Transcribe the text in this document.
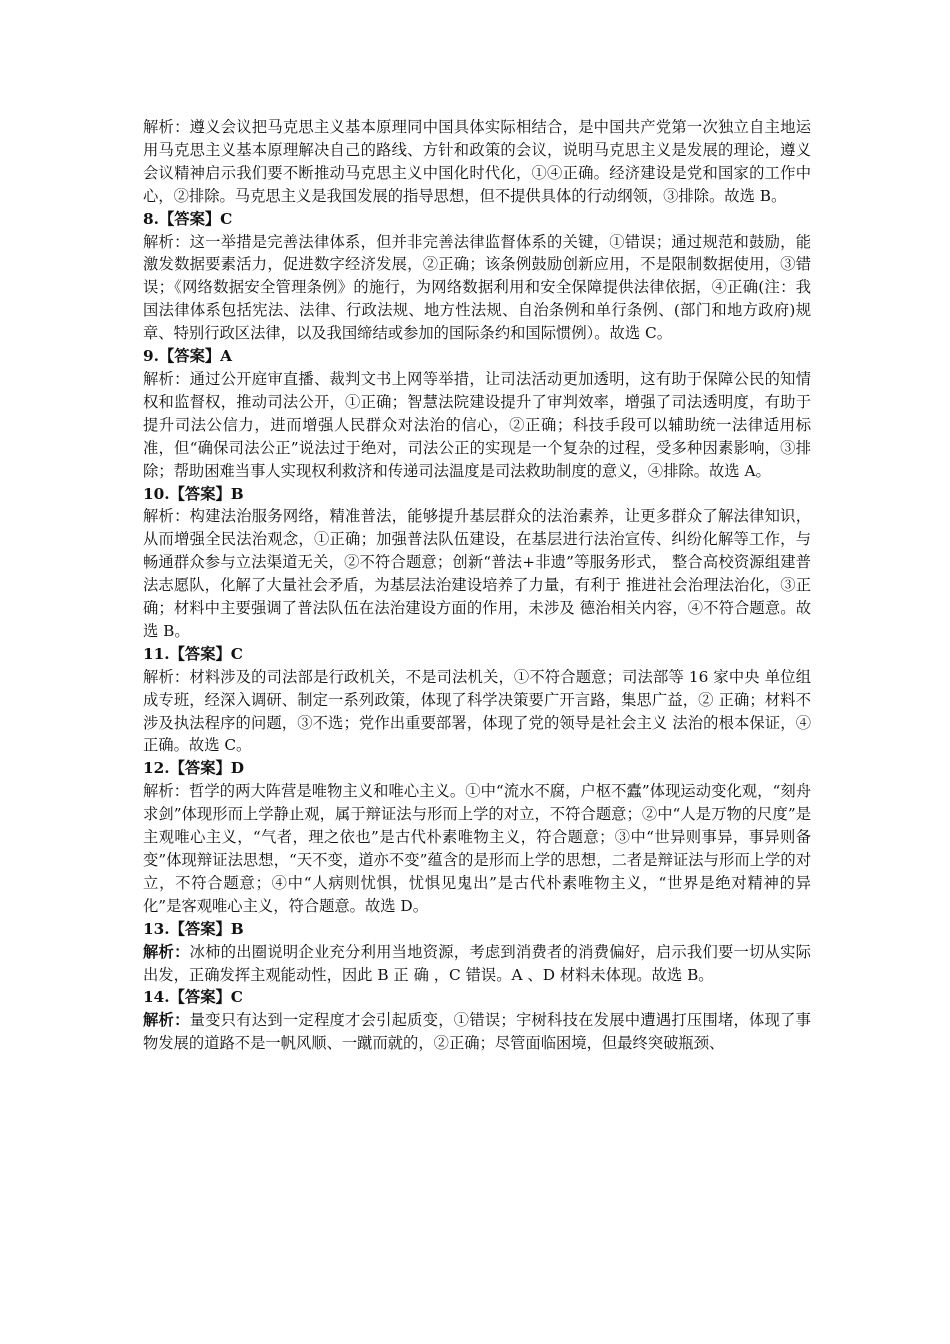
解析：遵义会议把马克思主义基本原理同中国具体实际相结合，是中国共产党第一次独立自主地运用马克思主义基本原理解决自己的路线、方针和政策的会议，说明马克思主义是发展的理论，遵义会议精神启示我们要不断推动马克思主义中国化时代化，①④正确。经济建设是党和国家的工作中心，②排除。马克思主义是我国发展的指导思想，但不提供具体的行动纲领，③排除。故选 B。

8.【答案】C

解析：这一举措是完善法律体系，但并非完善法律监督体系的关键，①错误；通过规范和鼓励，能激发数据要素活力，促进数字经济发展，②正确；该条例鼓励创新应用，不是限制数据使用，③错误；《网络数据安全管理条例》的施行，为网络数据利用和安全保障提供法律依据，④正确(注：我国法律体系包括宪法、法律、行政法规、地方性法规、自治条例和单行条例、(部门和地方政府)规章、特别行政区法律，以及我国缔结或参加的国际条约和国际惯例）。故选 C。

9.【答案】A

解析：通过公开庭审直播、裁判文书上网等举措，让司法活动更加透明，这有助于保障公民的知情权和监督权，推动司法公开，①正确；智慧法院建设提升了审判效率，增强了司法透明度，有助于提升司法公信力，进而增强人民群众对法治的信心，②正确；科技手段可以辅助统一法律适用标准，但“确保司法公正”说法过于绝对，司法公正的实现是一个复杂的过程，受多种因素影响，③排除；帮助困难当事人实现权利救济和传递司法温度是司法救助制度的意义，④排除。故选 A。

10.【答案】B

解析：构建法治服务网络，精准普法，能够提升基层群众的法治素养，让更多群众了解法律知识，从而增强全民法治观念，①正确；加强普法队伍建设，在基层进行法治宣传、纠纷化解等工作，与畅通群众参与立法渠道无关，②不符合题意；创新“普法+非遗”等服务形式， 整合高校资源组建普法志愿队，化解了大量社会矛盾，为基层法治建设培养了力量，有利于 推进社会治理法治化，③正确；材料中主要强调了普法队伍在法治建设方面的作用，未涉及 德治相关内容，④不符合题意。故选 B。

11.【答案】C

解析：材料涉及的司法部是行政机关，不是司法机关，①不符合题意；司法部等 16 家中央 单位组成专班，经深入调研、制定一系列政策，体现了科学决策要广开言路，集思广益，② 正确；材料不涉及执法程序的问题，③不选；党作出重要部署，体现了党的领导是社会主义 法治的根本保证，④正确。故选 C。

12.【答案】D

解析：哲学的两大阵营是唯物主义和唯心主义。①中“流水不腐，户枢不蠹”体现运动变化观，“刻舟求剑”体现形而上学静止观，属于辩证法与形而上学的对立，不符合题意；②中“人是万物的尺度”是主观唯心主义，“气者，理之依也”是古代朴素唯物主义，符合题意；③中“世异则事异，事异则备变”体现辩证法思想，“天不变，道亦不变”蕴含的是形而上学的思想，二者是辩证法与形而上学的对立，不符合题意；④中“人病则忧惧，忧惧见鬼出”是古代朴素唯物主义，“世界是绝对精神的异化”是客观唯心主义，符合题意。故选 D。

13.【答案】B

解析：冰柿的出圈说明企业充分利用当地资源，考虑到消费者的消费偏好，启示我们要一切从实际出发，正确发挥主观能动性，因此 B 正 确 ，C 错误。A 、D 材料未体现。故选 B。

14.【答案】C

解析：量变只有达到一定程度才会引起质变，①错误；宇树科技在发展中遭遇打压围堵，体现了事物发展的道路不是一帆风顺、一蹴而就的，②正确；尽管面临困境，但最终突破瓶颈、
